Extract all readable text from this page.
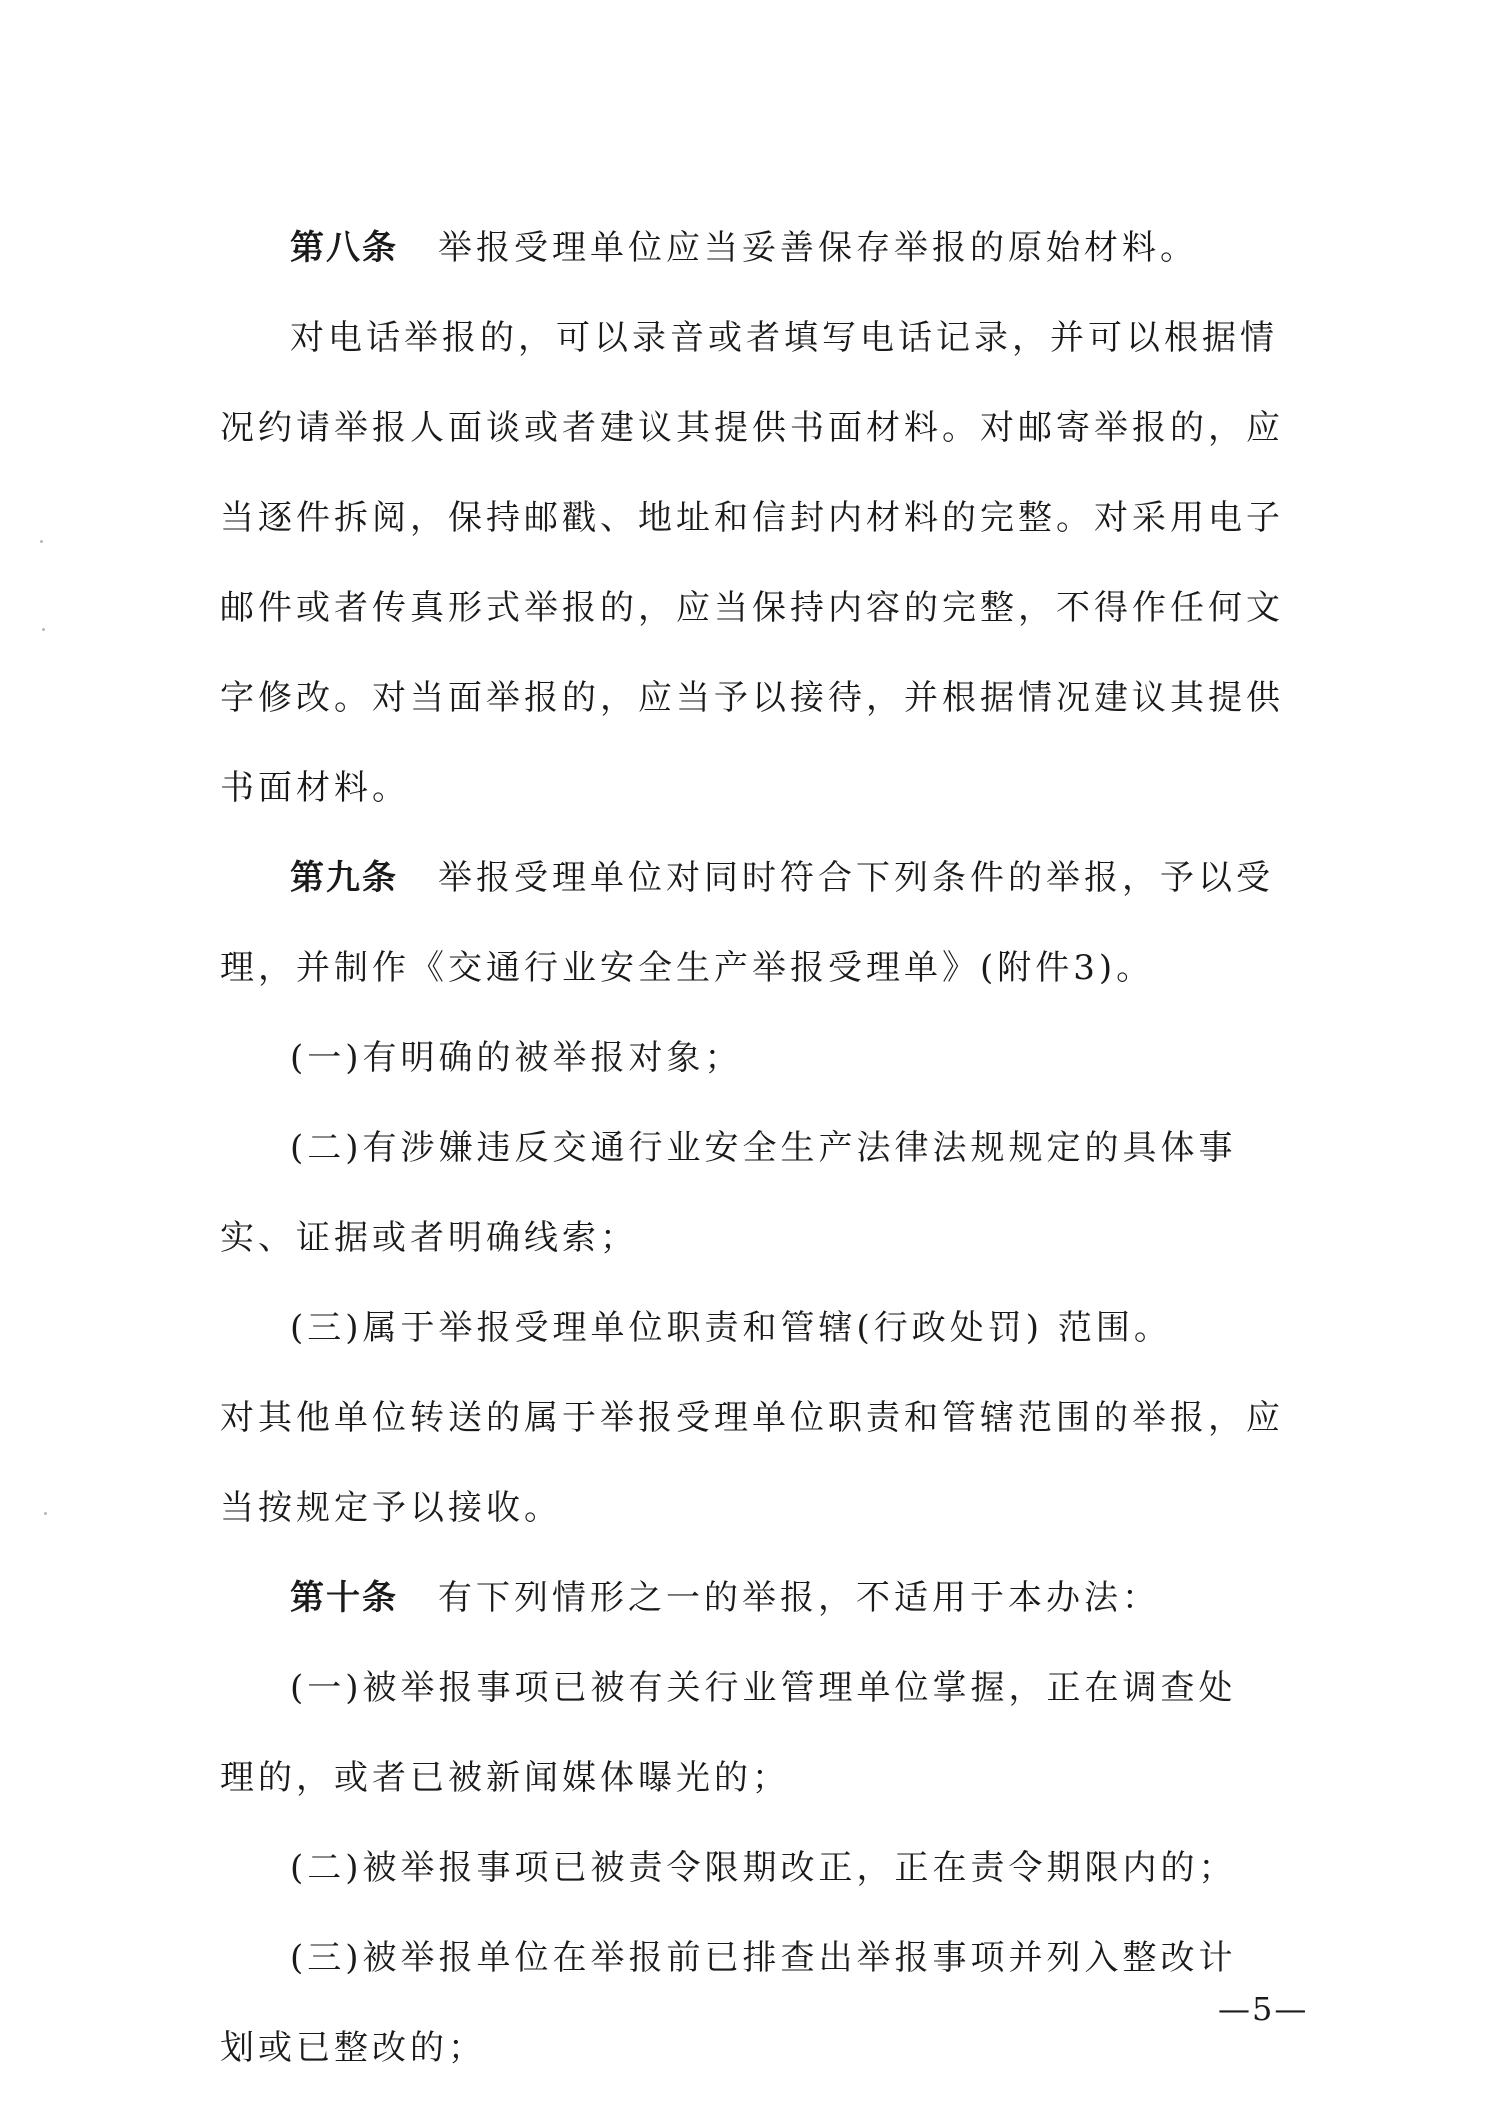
第八条 举报受理单位应当妥善保存举报的原始材料。
对电话举报的，可以录音或者填写电话记录，并可以根据情
况约请举报人面谈或者建议其提供书面材料。对邮寄举报的，应
当逐件拆阅，保持邮戳、地址和信封内材料的完整。对采用电子
邮件或者传真形式举报的，应当保持内容的完整，不得作任何文
字修改。对当面举报的，应当予以接待，并根据情况建议其提供
书面材料。
第九条 举报受理单位对同时符合下列条件的举报，予以受
理，并制作《交通行业安全生产举报受理单》(附件3)。
(一)有明确的被举报对象；
(二)有涉嫌违反交通行业安全生产法律法规规定的具体事
实、证据或者明确线索；
(三)属于举报受理单位职责和管辖(行政处罚) 范围。
对其他单位转送的属于举报受理单位职责和管辖范围的举报，应
当按规定予以接收。
第十条 有下列情形之一的举报，不适用于本办法：
(一)被举报事项已被有关行业管理单位掌握，正在调查处
理的，或者已被新闻媒体曝光的；
(二)被举报事项已被责令限期改正，正在责令期限内的；
(三)被举报单位在举报前已排查出举报事项并列入整改计
划或已整改的；
—5—
